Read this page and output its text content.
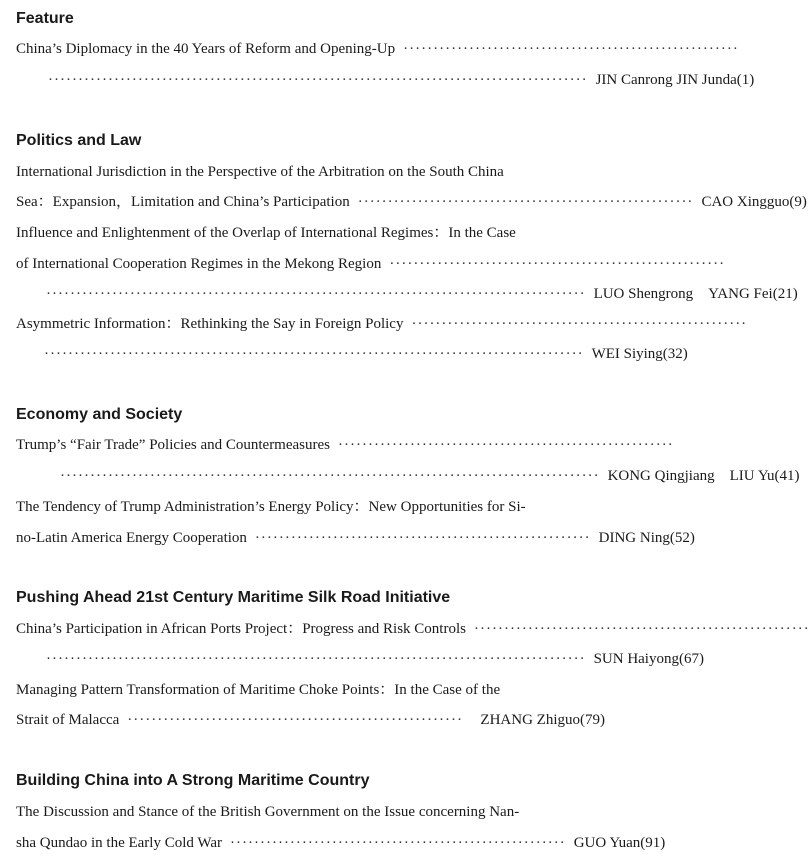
Feature
China’s Diplomacy in the 40 Years of Reform and Opening-Up ························································
·························································································· JIN Canrong JIN Junda(1)
Politics and Law
International Jurisdiction in the Perspective of the Arbitration on the South China
Sea：Expansion，Limitation and China’s Participation ························································ CAO Xingguo(9)
Influence and Enlightenment of the Overlap of International Regimes：In the Case
of International Cooperation Regimes in the Mekong Region ························································
·························································································· LUO Shengrong　YANG Fei(21)
Asymmetric Information：Rethinking the Say in Foreign Policy ························································
·························································································· WEI Siying(32)
Economy and Society
Trump’s “Fair Trade” Policies and Countermeasures ························································
·························································································· KONG Qingjiang　LIU Yu(41)
The Tendency of Trump Administration’s Energy Policy：New Opportunities for Si-
no-Latin America Energy Cooperation ························································ DING Ning(52)
Pushing Ahead 21st Century Maritime Silk Road Initiative
China’s Participation in African Ports Project：Progress and Risk Controls ························································
·························································································· SUN Haiyong(67)
Managing Pattern Transformation of Maritime Choke Points：In the Case of the
Strait of Malacca ························································	ZHANG Zhiguo(79)
Building China into A Strong Maritime Country
The Discussion and Stance of the British Government on the Issue concerning Nan-
sha Qundao in the Early Cold War ························································ GUO Yuan(91)
